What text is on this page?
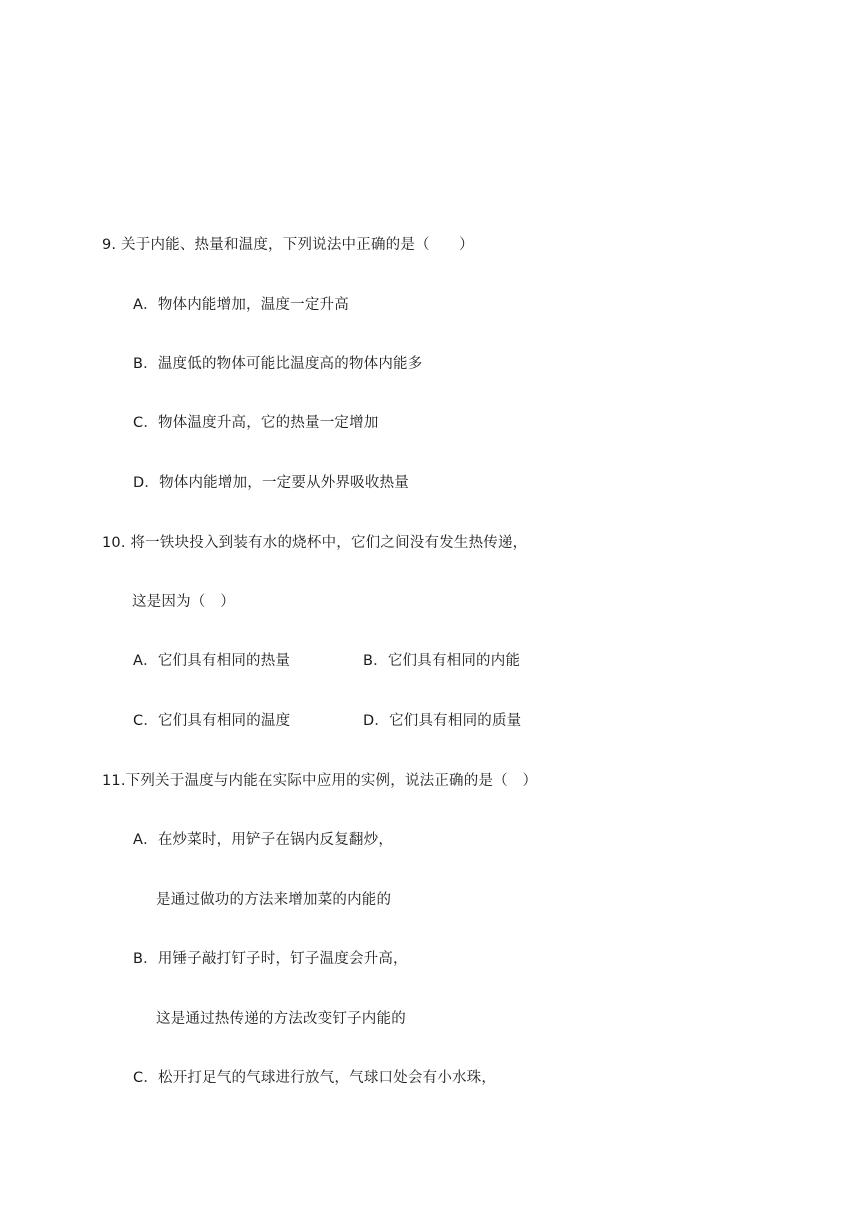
9. 关于内能、热量和温度，下列说法中正确的是（　　）
A．物体内能增加，温度一定升高
B．温度低的物体可能比温度高的物体内能多
C．物体温度升高，它的热量一定增加
D．物体内能增加，一定要从外界吸收热量
10. 将一铁块投入到装有水的烧杯中，它们之间没有发生热传递，
这是因为（　）
A．它们具有相同的热量	B．它们具有相同的内能
C．它们具有相同的温度	D．它们具有相同的质量
11.下列关于温度与内能在实际中应用的实例，说法正确的是（　）
A．在炒菜时，用铲子在锅内反复翻炒，
是通过做功的方法来增加菜的内能的
B．用锤子敲打钉子时，钉子温度会升高，
这是通过热传递的方法改变钉子内能的
C．松开打足气的气球进行放气，气球口处会有小水珠，
